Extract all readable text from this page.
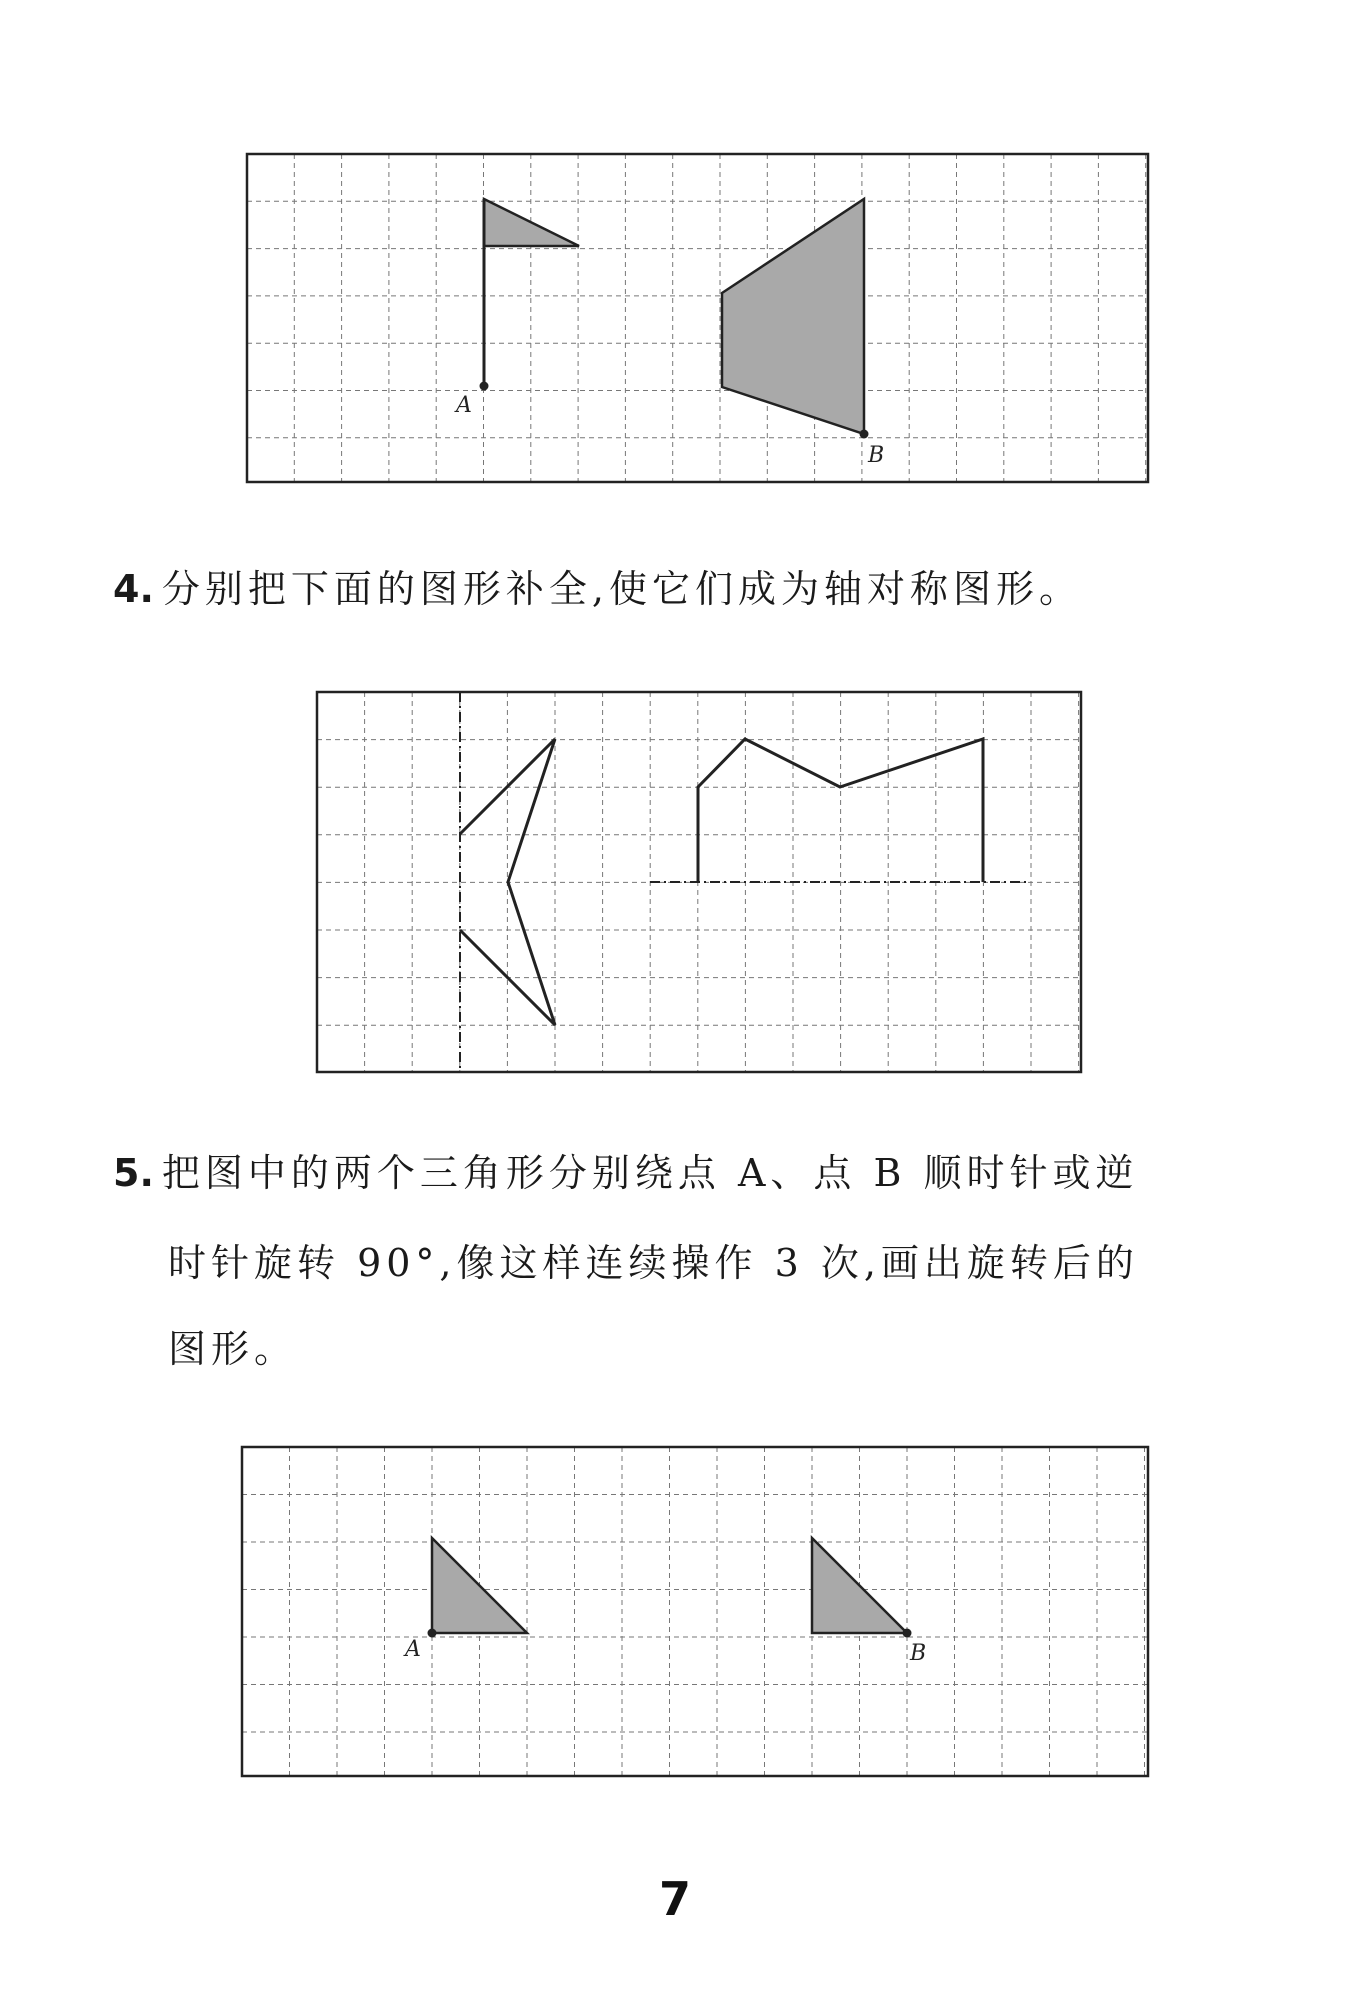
A
B
4. 分别把下面的图形补全,使它们成为轴对称图形。
5. 把图中的两个三角形分别绕点 A、点 B 顺时针或逆
时针旋转 90°,像这样连续操作 3 次,画出旋转后的
图形。
A	B
7
